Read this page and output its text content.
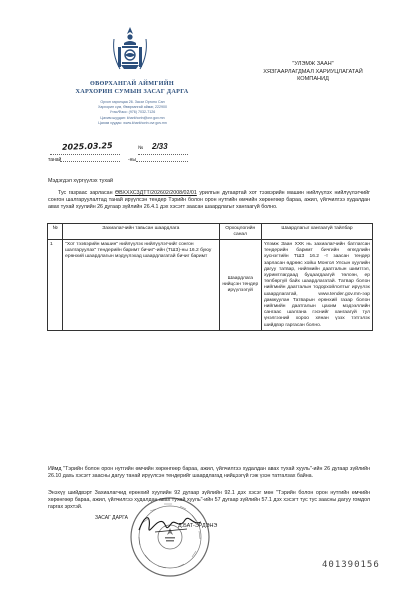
ӨВӨРХАНГАЙ АЙМГИЙН
ХАРХОРИН СУМЫН ЗАСАГ ДАРГА
Орхон харилцаа 26. Засаг Оргоно Сан
Хархорин сум, Өвөрхангай аймаг, 222900
Утас/Факс: (976) 7032-7126
Цахим шуудан: kharkhorin@ovr.gov.mn
Цахим хуудас: www.kharkhorin.ovr.gov.mn
"УЛЭМЖ ЗААН"
ХЯЗГААРЛАГДМАЛ ХАРИУЦЛАГАТАЙ
КОМПАНИД
2025.03.25	№ 2/33
танай	-ны
Мэдэгдэл хүргүүлэх тухай
Тус газраас зарласан ӨВХХХС3ДТТ/202602/2008/02/01 урилгын дугаартай хот тээвэрийн машин нийлүүлэх нийлүүлэгчийг сонгон шалгаруулалтад танай ирүүлсэн тендер Тэрийн болон орон нутгийн өмчийн хөрөнгөөр бараа, ажил, үйлчилгээ худалдан авах тухай хуулийн 26 дугаар зүйлийн 26.4.1 дэх хэсэгт заасан шаардлагыг хангаагүй болно.
№	Захиалагчийн тавьсан шаардлага	Орхоцлогийн санал	Шаардлагыг хангаагүй тайлбар
1	"Хот тээвэрийн машин" нийлүүлэх нийлүүлэгчийг сонгон шалгаруулах" тендерийн баримт бичиг"-ийн (ТШЗ)-ны 16.2 буюу ерөнхий шаардлагын мэдүүлэхад шаардлагатай бичиг баримт	Шаардлага нийцсэн тендер ирүүлээгүй	Үлэмж Заан ХХК нь захиалагчийн батлагсан тендерийн баримт бичгийн өгөгдлийн хуснэгтийн ТШЗ 16.2 -т заасан тендер зарласан өдрөөс хойш Монгол Улсын хуулийн дагуу татвар, нийгмийн даатгалын шимтгэл, хуримтлагдаад буцаагдаагүй төлсөн, ер төлбөргүй байх шаардлагатай. Татвар болон нийгмийн даатгалын тодорхойлолтыг ирүүлэх шаардлагатай, www.tender.gov.mn-ээр дамжуулан Татварын ерөнхий газар болон нийгмийн даатгалын цахим мэдээллийн сангаас шалгана гэснийг хангаагүй тул үнэлгээний хороо хянан үзэх тэтгэлэх шийдвэр гаргасан болно.
Иймд "Тэрийн болон орон нутгийн өмчийн хөрөнгөөр бараа, ажил, үйлчилгээ худалдан авах тухай хууль"-ийн 26 дугаар зүйлийн 26.10 дахь хэсэгт заасны дагуу танай ирүүлсэн тендерийг шаардлагад нийцээгүй гэж үзэн татгалзах байна.
Энэхүү шийдвэрт Захиалагчид ерөнхий хуулийн 92 дугаар зүйлийн 92.1 дэх хэсэг мөн "Тэрийн болон орон нутгийн өмчийн хөрөнгөөр бараа, ажил, үйлчилгээ худалдан авах тухай хууль"-ийн 57 дугаар зүйлийн 57.1 дэх хэсэгт тус тус заасны дагуу гомдол гаргах эрхтэй.
ЗАСАГ ДАРГА
Д.БАТ-ЭРДЭНЭ
401390156
